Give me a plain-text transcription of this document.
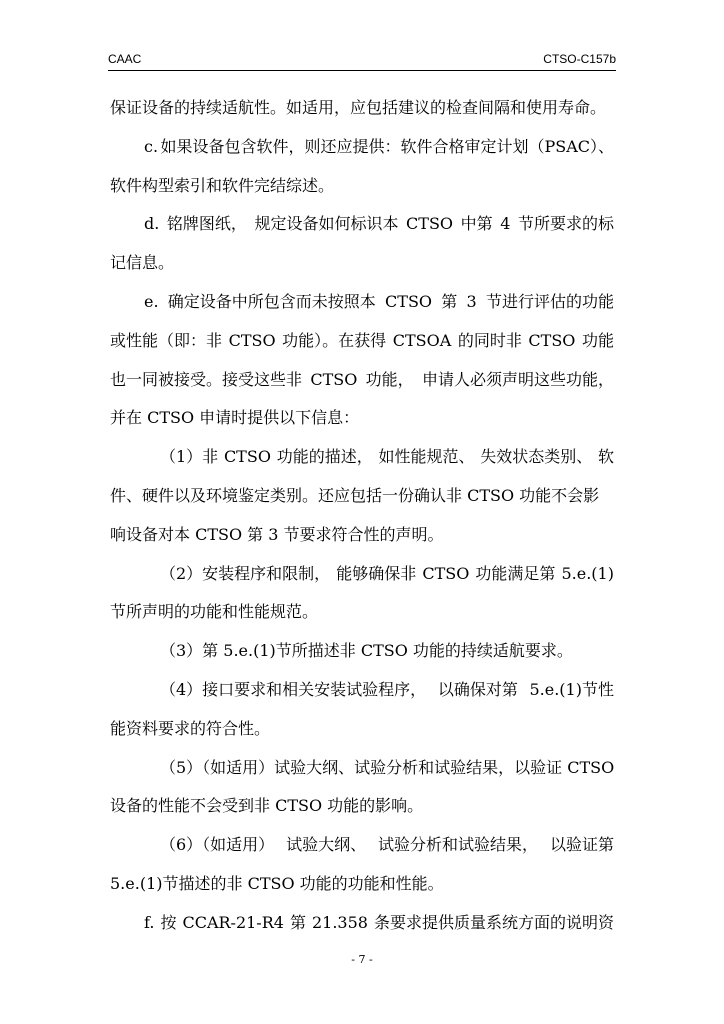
CAAC	CTSO-C157b
保证设备的持续适航性。如适用，应包括建议的检查间隔和使用寿命。
c. 如果设备包含软件，则还应提供：软件合格审定计划（PSAC）、
软件构型索引和软件完结综述。
d. 铭牌图纸， 规定设备如何标识本 CTSO 中第 4 节所要求的标
记信息。
e. 确定设备中所包含而未按照本 CTSO 第 3 节进行评估的功能
或性能（即：非 CTSO 功能）。在获得 CTSOA 的同时非 CTSO 功能
也一同被接受。接受这些非 CTSO 功能， 申请人必须声明这些功能，
并在 CTSO 申请时提供以下信息：
（1）非 CTSO 功能的描述， 如性能规范、 失效状态类别、 软
件、硬件以及环境鉴定类别。还应包括一份确认非 CTSO 功能不会影
响设备对本 CTSO 第 3 节要求符合性的声明。
（2）安装程序和限制， 能够确保非 CTSO 功能满足第 5.e.(1)
节所声明的功能和性能规范。
（3）第 5.e.(1)节所描述非 CTSO 功能的持续适航要求。
（4）接口要求和相关安装试验程序， 以确保对第 5.e.(1)节性
能资料要求的符合性。
（5）（如适用）试验大纲、试验分析和试验结果，以验证 CTSO
设备的性能不会受到非 CTSO 功能的影响。
（6）（如适用） 试验大纲、 试验分析和试验结果， 以验证第
5.e.(1)节描述的非 CTSO 功能的功能和性能。
f. 按 CCAR-21-R4 第 21.358 条要求提供质量系统方面的说明资
- 7 -
